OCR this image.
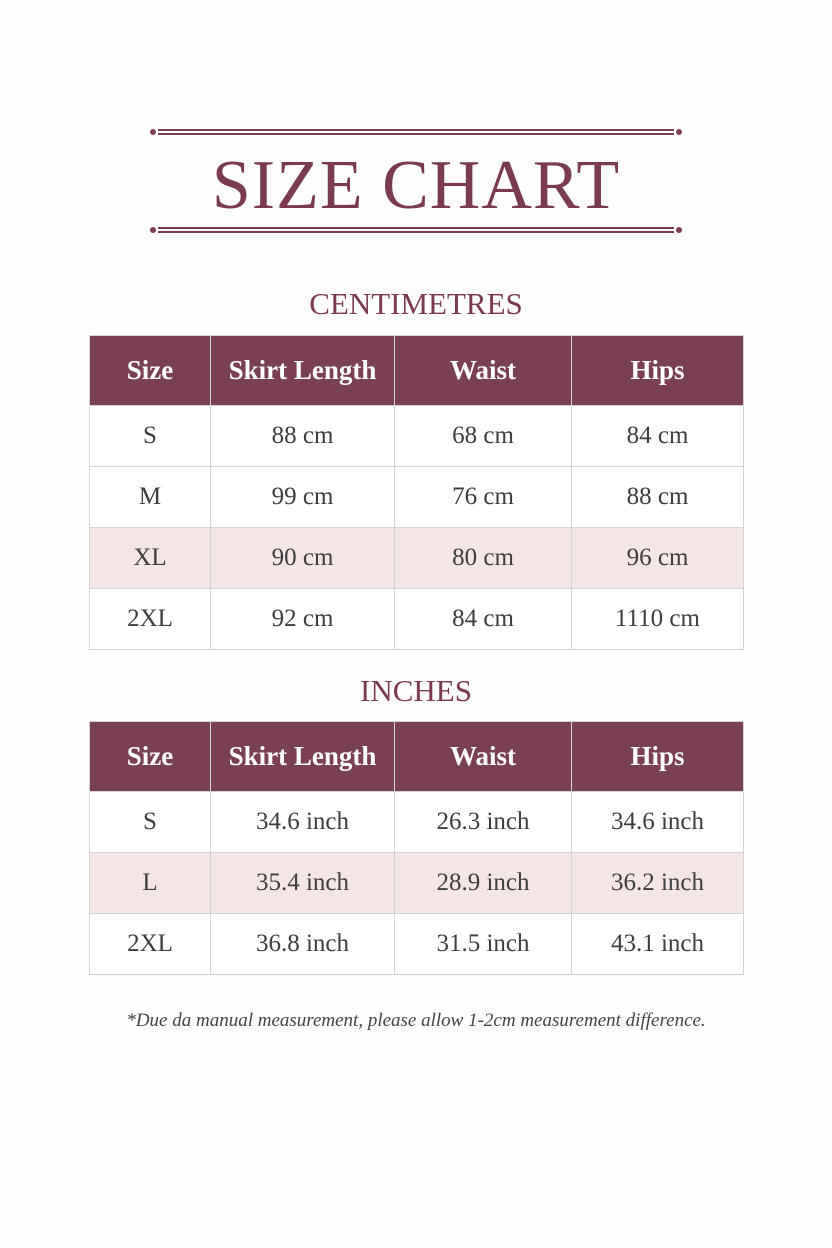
SIZE CHART
CENTIMETRES
Size	Skirt Length	Waist	Hips
S	88 cm	68 cm	84 cm
M	99 cm	76 cm	88 cm
XL	90 cm	80 cm	96 cm
2XL	92 cm	84 cm	1110 cm
INCHES
Size	Skirt Length	Waist	Hips
S	34.6 inch	26.3 inch	34.6 inch
L	35.4 inch	28.9 inch	36.2 inch
2XL	36.8 inch	31.5 inch	43.1 inch
*Due da manual measurement, please allow 1-2cm measurement difference.
